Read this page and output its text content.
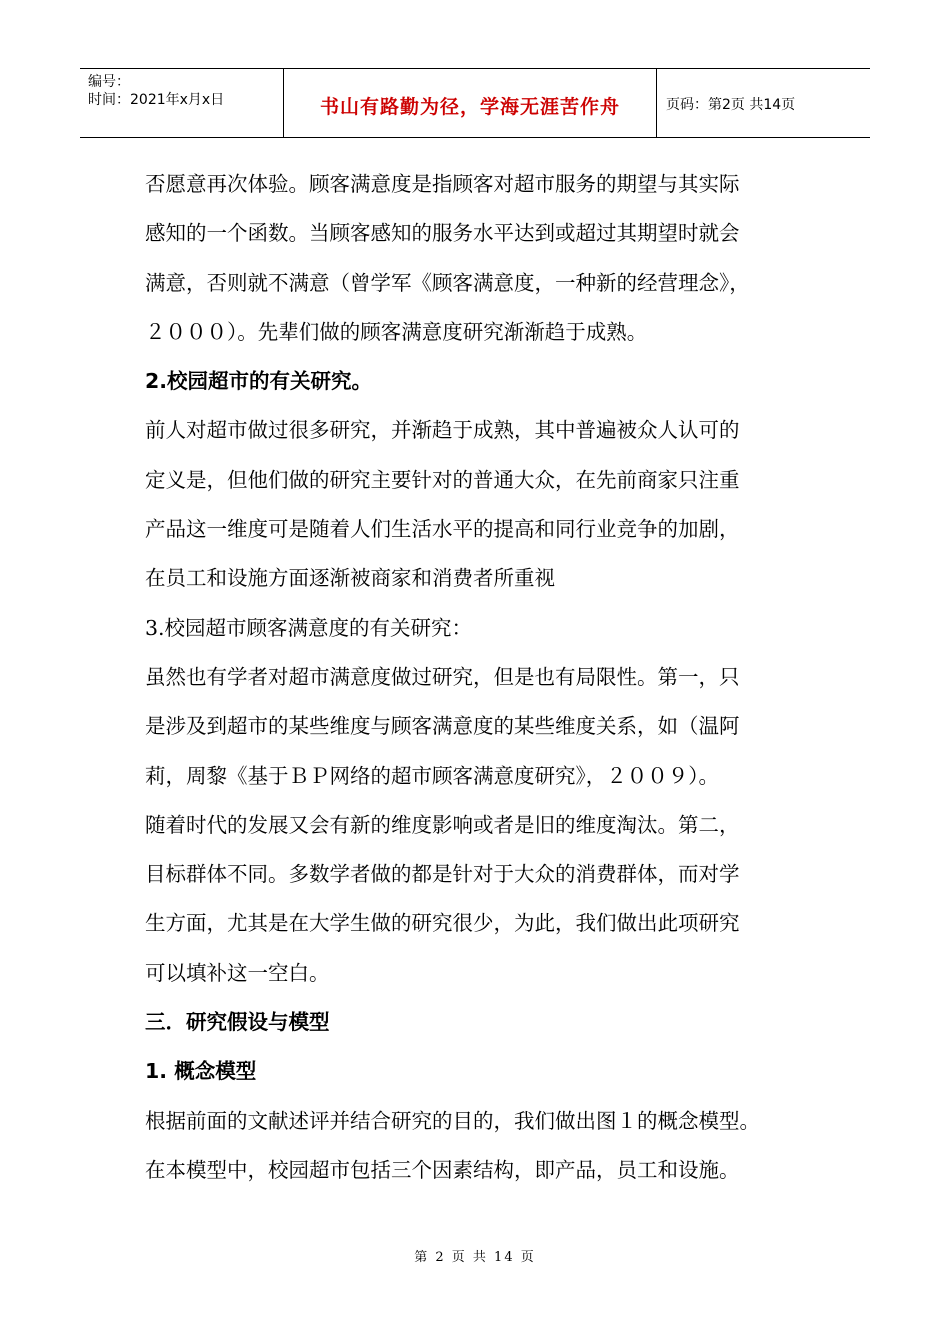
编号：
时间：2021年x月x日	书山有路勤为径，学海无涯苦作舟	页码：第2页 共14页
否愿意再次体验。顾客满意度是指顾客对超市服务的期望与其实际
感知的一个函数。当顾客感知的服务水平达到或超过其期望时就会
满意，否则就不满意（曾学军《顾客满意度，一种新的经营理念》，
２０００）。先辈们做的顾客满意度研究渐渐趋于成熟。
2.校园超市的有关研究。
前人对超市做过很多研究，并渐趋于成熟，其中普遍被众人认可的
定义是，但他们做的研究主要针对的普通大众，在先前商家只注重
产品这一维度可是随着人们生活水平的提高和同行业竞争的加剧，
在员工和设施方面逐渐被商家和消费者所重视
3.校园超市顾客满意度的有关研究：
虽然也有学者对超市满意度做过研究，但是也有局限性。第一，只
是涉及到超市的某些维度与顾客满意度的某些维度关系，如（温阿
莉，周黎《基于ＢＰ网络的超市顾客满意度研究》，２００９）。
随着时代的发展又会有新的维度影响或者是旧的维度淘汰。第二，
目标群体不同。多数学者做的都是针对于大众的消费群体，而对学
生方面，尤其是在大学生做的研究很少，为此，我们做出此项研究
可以填补这一空白。
三．研究假设与模型
1. 概念模型
根据前面的文献述评并结合研究的目的，我们做出图１的概念模型。
在本模型中，校园超市包括三个因素结构，即产品，员工和设施。
第 2 页 共 14 页
